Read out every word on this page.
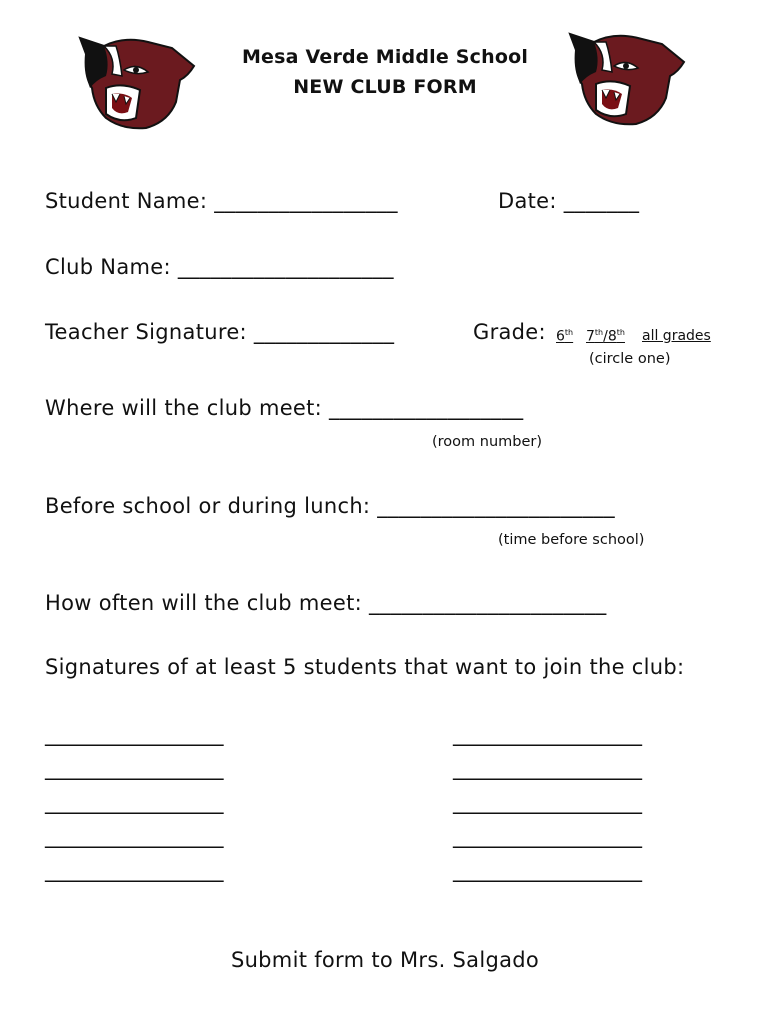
Mesa Verde Middle School
NEW CLUB FORM
Student Name: _________________	Date: _______
Club Name: ____________________
Teacher Signature: _____________	Grade: 6th 7th/8th all grades
(circle one)
Where will the club meet: __________________
(room number)
Before school or during lunch: ______________________
(time before school)
How often will the club meet: ______________________
Signatures of at least 5 students that want to join the club:
_________________
_________________
_________________
_________________
_________________
__________________
__________________
__________________
__________________
__________________
Submit form to Mrs. Salgado
